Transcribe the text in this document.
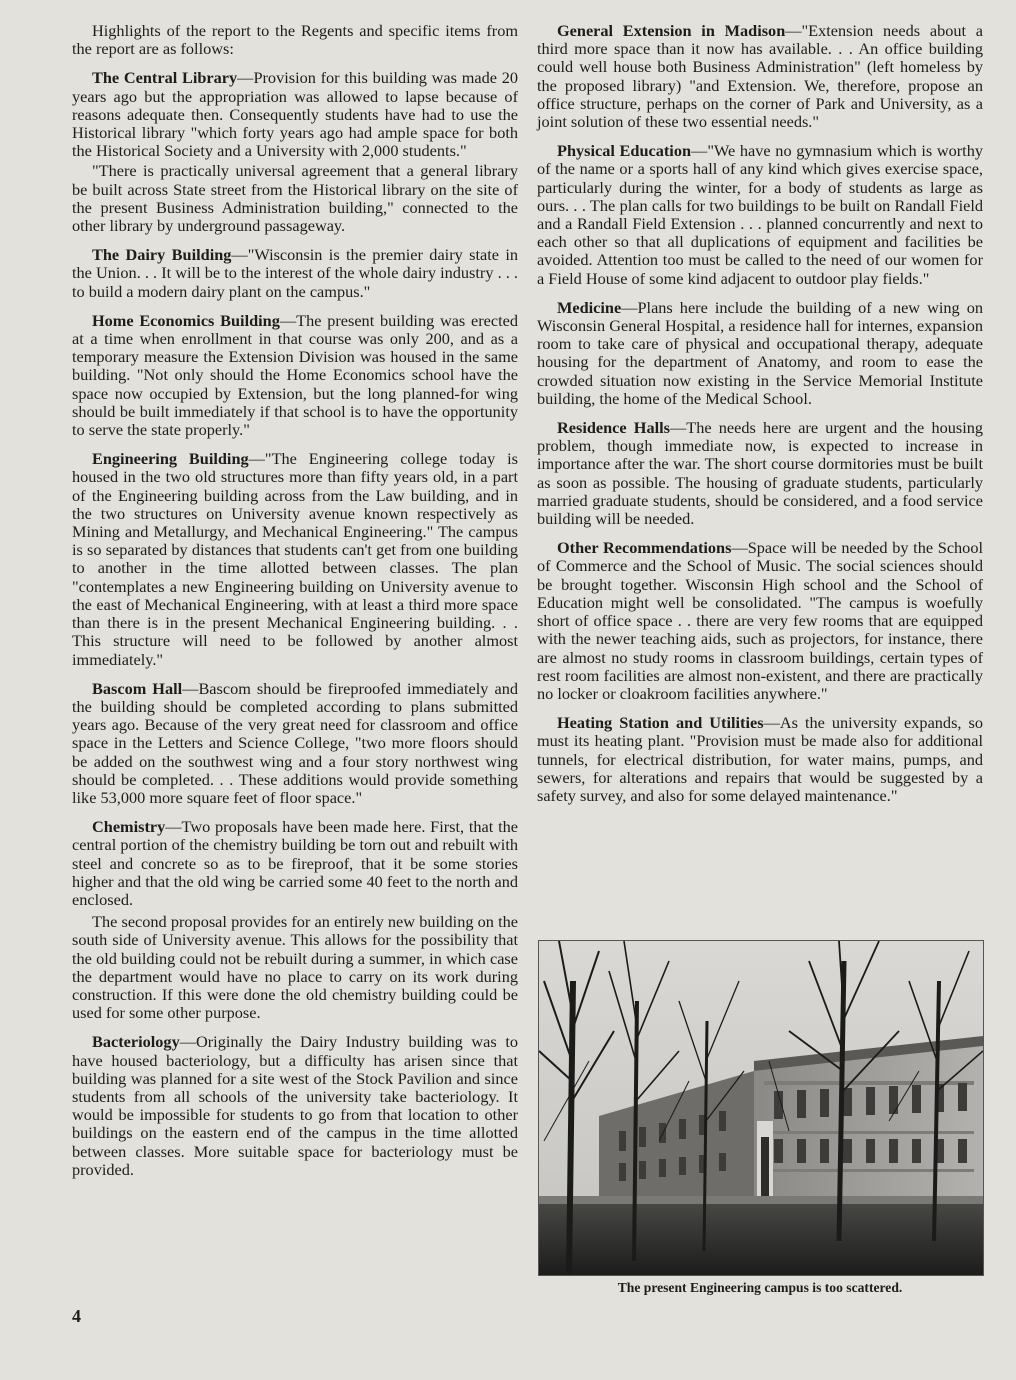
Highlights of the report to the Regents and specific items from the report are as follows:

The Central Library—Provision for this building was made 20 years ago but the appropriation was allowed to lapse because of reasons adequate then. Consequently students have had to use the Historical library "which forty years ago had ample space for both the Historical Society and a University with 2,000 students."

"There is practically universal agreement that a general library be built across State street from the Historical library on the site of the present Business Administration building," connected to the other library by underground passageway.

The Dairy Building—"Wisconsin is the premier dairy state in the Union. . . It will be to the interest of the whole dairy industry . . . to build a modern dairy plant on the campus."

Home Economics Building—The present building was erected at a time when enrollment in that course was only 200, and as a temporary measure the Extension Division was housed in the same building. "Not only should the Home Economics school have the space now occupied by Extension, but the long planned-for wing should be built immediately if that school is to have the opportunity to serve the state properly."

Engineering Building—"The Engineering college today is housed in the two old structures more than fifty years old, in a part of the Engineering building across from the Law building, and in the two structures on University avenue known respectively as Mining and Metallurgy, and Mechanical Engineering." The campus is so separated by distances that students can't get from one building to another in the time allotted between classes. The plan "contemplates a new Engineering building on University avenue to the east of Mechanical Engineering, with at least a third more space than there is in the present Mechanical Engineering building. . . This structure will need to be followed by another almost immediately."

Bascom Hall—Bascom should be fireproofed immediately and the building should be completed according to plans submitted years ago. Because of the very great need for classroom and office space in the Letters and Science College, "two more floors should be added on the southwest wing and a four story northwest wing should be completed. . . These additions would provide something like 53,000 more square feet of floor space."

Chemistry—Two proposals have been made here. First, that the central portion of the chemistry building be torn out and rebuilt with steel and concrete so as to be fireproof, that it be some stories higher and that the old wing be carried some 40 feet to the north and enclosed.

The second proposal provides for an entirely new building on the south side of University avenue. This allows for the possibility that the old building could not be rebuilt during a summer, in which case the department would have no place to carry on its work during construction. If this were done the old chemistry building could be used for some other purpose.

Bacteriology—Originally the Dairy Industry building was to have housed bacteriology, but a difficulty has arisen since that building was planned for a site west of the Stock Pavilion and since students from all schools of the university take bacteriology. It would be impossible for students to go from that location to other buildings on the eastern end of the campus in the time allotted between classes. More suitable space for bacteriology must be provided.

General Extension in Madison—"Extension needs about a third more space than it now has available. . . An office building could well house both Business Administration" (left homeless by the proposed library) "and Extension. We, therefore, propose an office structure, perhaps on the corner of Park and University, as a joint solution of these two essential needs."

Physical Education—"We have no gymnasium which is worthy of the name or a sports hall of any kind which gives exercise space, particularly during the winter, for a body of students as large as ours. . . The plan calls for two buildings to be built on Randall Field and a Randall Field Extension . . . planned concurrently and next to each other so that all duplications of equipment and facilities be avoided. Attention too must be called to the need of our women for a Field House of some kind adjacent to outdoor play fields."

Medicine—Plans here include the building of a new wing on Wisconsin General Hospital, a residence hall for internes, expansion room to take care of physical and occupational therapy, adequate housing for the department of Anatomy, and room to ease the crowded situation now existing in the Service Memorial Institute building, the home of the Medical School.

Residence Halls—The needs here are urgent and the housing problem, though immediate now, is expected to increase in importance after the war. The short course dormitories must be built as soon as possible. The housing of graduate students, particularly married graduate students, should be considered, and a food service building will be needed.

Other Recommendations—Space will be needed by the School of Commerce and the School of Music. The social sciences should be brought together. Wisconsin High school and the School of Education might well be consolidated. "The campus is woefully short of office space . . there are very few rooms that are equipped with the newer teaching aids, such as projectors, for instance, there are almost no study rooms in classroom buildings, certain types of rest room facilities are almost non-existent, and there are practically no locker or cloakroom facilities anywhere."

Heating Station and Utilities—As the university expands, so must its heating plant. "Provision must be made also for additional tunnels, for electrical distribution, for water mains, pumps, and sewers, for alterations and repairs that would be suggested by a safety survey, and also for some delayed maintenance."

The present Engineering campus is too scattered.
4
